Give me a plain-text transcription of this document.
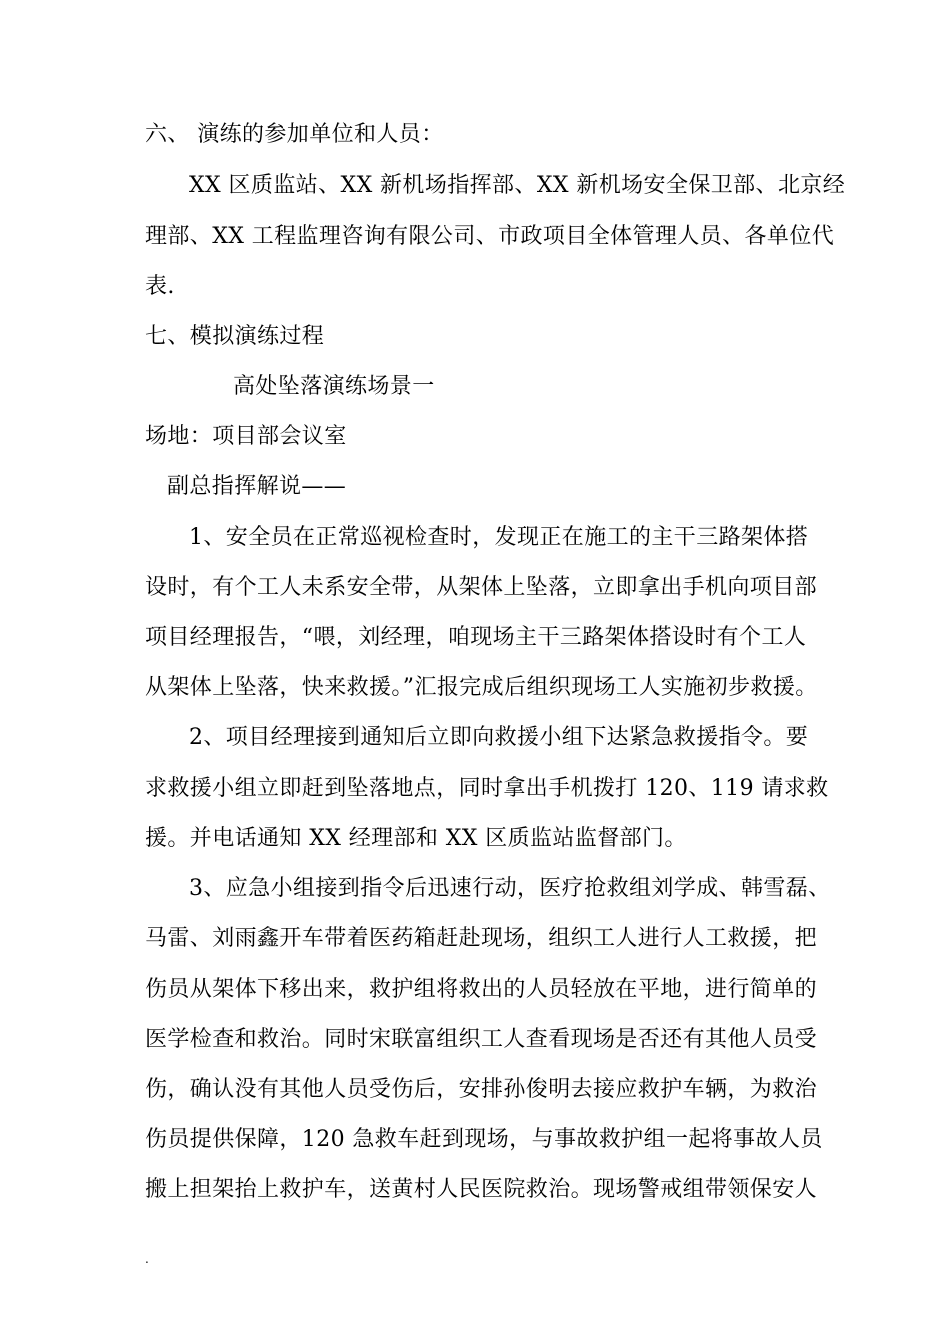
六、 演练的参加单位和人员：
XX 区质监站、XX 新机场指挥部、XX 新机场安全保卫部、北京经
理部、XX 工程监理咨询有限公司、市政项目全体管理人员、各单位代
表.
七、模拟演练过程
高处坠落演练场景一
场地：项目部会议室
副总指挥解说——
1、安全员在正常巡视检查时，发现正在施工的主干三路架体搭
设时，有个工人未系安全带，从架体上坠落，立即拿出手机向项目部
项目经理报告，“喂，刘经理，咱现场主干三路架体搭设时有个工人
从架体上坠落，快来救援。”汇报完成后组织现场工人实施初步救援。
2、项目经理接到通知后立即向救援小组下达紧急救援指令。要
求救援小组立即赶到坠落地点，同时拿出手机拨打 120、119 请求救
援。并电话通知 XX 经理部和 XX 区质监站监督部门。
3、应急小组接到指令后迅速行动，医疗抢救组刘学成、韩雪磊、
马雷、刘雨鑫开车带着医药箱赶赴现场，组织工人进行人工救援，把
伤员从架体下移出来，救护组将救出的人员轻放在平地，进行简单的
医学检查和救治。同时宋联富组织工人查看现场是否还有其他人员受
伤，确认没有其他人员受伤后，安排孙俊明去接应救护车辆，为救治
伤员提供保障，120 急救车赶到现场，与事故救护组一起将事故人员
搬上担架抬上救护车，送黄村人民医院救治。现场警戒组带领保安人
.
